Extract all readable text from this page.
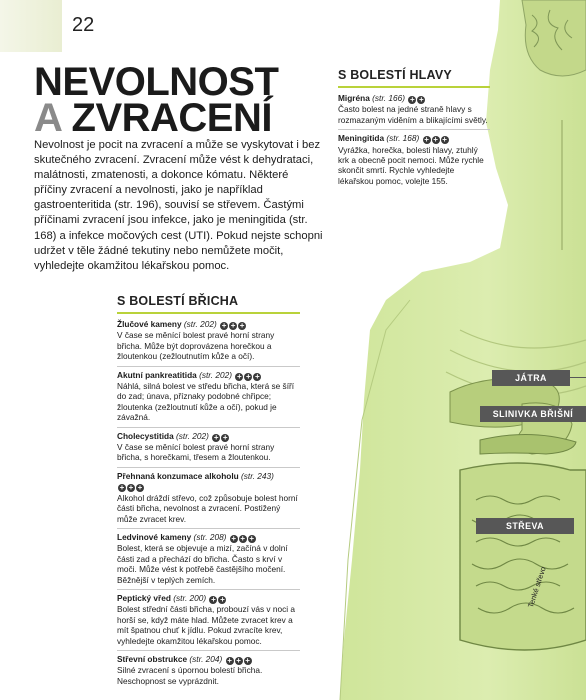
22
NEVOLNOST
A ZVRACENÍ
Nevolnost je pocit na zvracení a může se vyskytovat i bez skutečného zvracení. Zvracení může vést k dehydrataci, malátnosti, zmatenosti, a dokonce kómatu. Některé příčiny zvracení a nevolnosti, jako je například gastroenteritida (str. 196), souvisí se střevem. Častými příčinami zvracení jsou infekce, jako je meningitida (str. 168) a infekce močových cest (UTI). Pokud nejste schopni udržet v těle žádné tekutiny nebo nemůžete močit, vyhledejte okamžitou lékařskou pomoc.
S BOLESTÍ HLAVY
Migréna (str. 166) + +
Často bolest na jedné straně hlavy s rozmazaným viděním a blikajícími světly.
Meningitida (str. 168) + + +
Vyrážka, horečka, bolesti hlavy, ztuhlý krk a obecně pocit nemoci. Může rychle skončit smrtí. Rychle vyhledejte lékařskou pomoc, volejte 155.
S BOLESTÍ BŘICHA
Žlučové kameny (str. 202) + + +
V čase se měnící bolest pravé horní strany břicha. Může být doprovázena horečkou a žloutenkou (zežloutnutím kůže a očí).
Akutní pankreatitida (str. 202) + + +
Náhlá, silná bolest ve středu břicha, která se šíří do zad; únava, příznaky podobné chřipce; žloutenka (zežloutnutí kůže a očí), pokud je závažná.
Cholecystitida (str. 202) + +
V čase se měnící bolest pravé horní strany břicha, s horečkami, třesem a žloutenkou.
Přehnaná konzumace alkoholu (str. 243) + + +
Alkohol dráždí střevo, což způsobuje bolest horní části břicha, nevolnost a zvracení. Postižený může zvracet krev.
Ledvinové kameny (str. 208) + + +
Bolest, která se objevuje a mizí, začíná v dolní části zad a přechází do břicha. Často s krví v moči. Může vést k potřebě častějšího močení. Běžnější v teplých zemích.
Peptický vřed (str. 200) + +
Bolest střední části břicha, probouzí vás v noci a horší se, když máte hlad. Můžete zvracet krev a mít špatnou chuť k jídlu. Pokud zvracíte krev, vyhledejte okamžitou lékařskou pomoc.
Střevní obstrukce (str. 204) + + +
Silné zvracení s úpornou bolestí břicha. Neschopnost se vyprázdnit.
JÁTRA
SLINIVKA BŘIŠNÍ
STŘEVA
Tenké střevo
